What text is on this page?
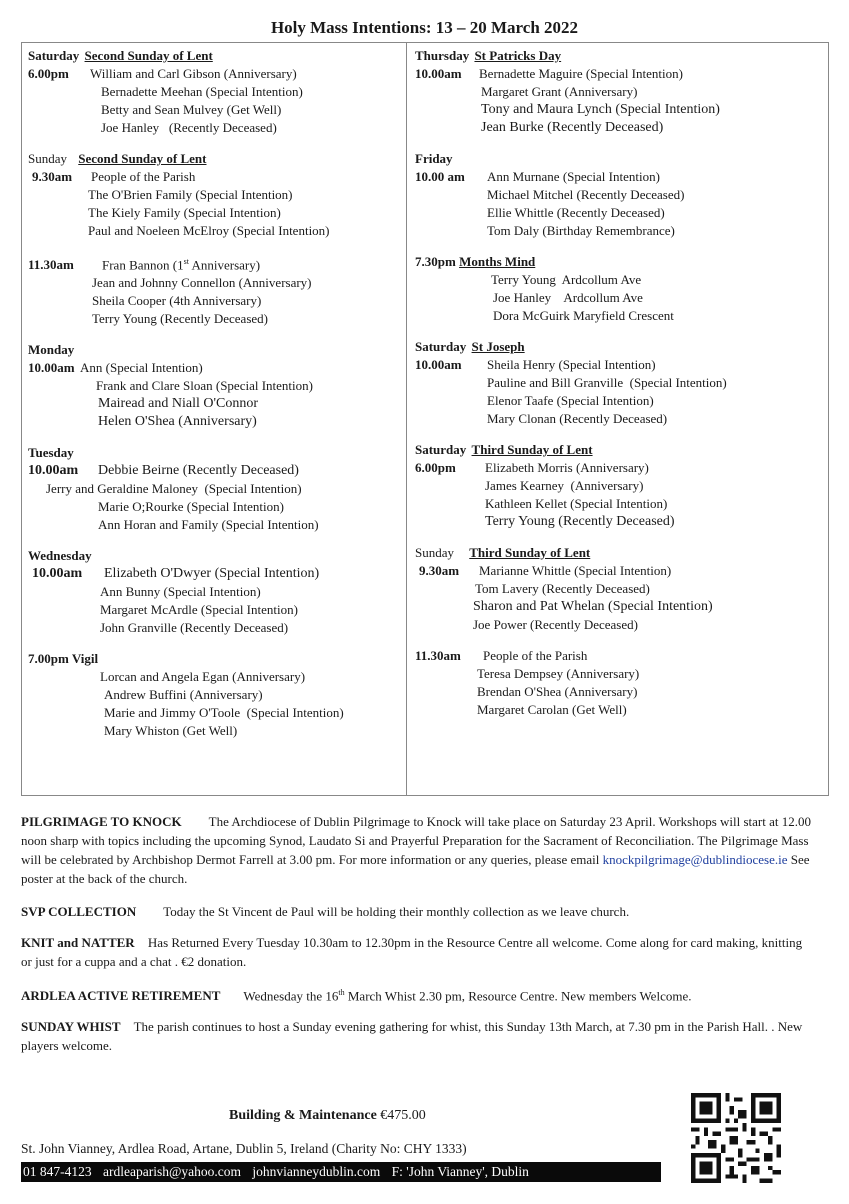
Holy Mass Intentions: 13 – 20 March 2022
Saturday Second Sunday of Lent
6.00pm William and Carl Gibson (Anniversary)
Bernadette Meehan (Special Intention)
Betty and Sean Mulvey (Get Well)
Joe Hanley   (Recently Deceased)
Sunday Second Sunday of Lent
9.30am People of the Parish
The O'Brien Family (Special Intention)
The Kiely Family (Special Intention)
Paul and Noeleen McElroy (Special Intention)
11.30am Fran Bannon (1st Anniversary)
Jean and Johnny Connellon (Anniversary)
Sheila Cooper (4th Anniversary)
Terry Young (Recently Deceased)
Monday
10.00am Ann (Special Intention)
Frank and Clare Sloan (Special Intention)
Mairead and Niall O'Connor
Helen O'Shea (Anniversary)
Tuesday
10.00am Debbie Beirne (Recently Deceased)
Jerry and Geraldine Maloney  (Special Intention)
Marie O;Rourke (Special Intention)
Ann Horan and Family (Special Intention)
Wednesday
10.00am Elizabeth O'Dwyer (Special Intention)
Ann Bunny (Special Intention)
Margaret McArdle (Special Intention)
John Granville (Recently Deceased)
7.00pm Vigil
Lorcan and Angela Egan (Anniversary)
Andrew Buffini (Anniversary)
Marie and Jimmy O'Toole  (Special Intention)
Mary Whiston (Get Well)
Thursday St Patricks Day
10.00am Bernadette Maguire (Special Intention)
Margaret Grant (Anniversary)
Tony and Maura Lynch (Special Intention)
Jean Burke (Recently Deceased)
Friday
10.00 am Ann Murnane (Special Intention)
Michael Mitchel (Recently Deceased)
Ellie Whittle (Recently Deceased)
Tom Daly (Birthday Remembrance)
7.30pm Months Mind
Terry Young  Ardcollum Ave
Joe Hanley    Ardcollum Ave
Dora McGuirk Maryfield Crescent
Saturday St Joseph
10.00am Sheila Henry (Special Intention)
Pauline and Bill Granville  (Special Intention)
Elenor Taafe (Special Intention)
Mary Clonan (Recently Deceased)
Saturday Third Sunday of Lent
6.00pm Elizabeth Morris (Anniversary)
James Kearney  (Anniversary)
Kathleen Kellet (Special Intention)
Terry Young (Recently Deceased)
Sunday Third Sunday of Lent
9.30am Marianne Whittle (Special Intention)
Tom Lavery (Recently Deceased)
Sharon and Pat Whelan (Special Intention)
Joe Power (Recently Deceased)
11.30am People of the Parish
Teresa Dempsey (Anniversary)
Brendan O'Shea (Anniversary)
Margaret Carolan (Get Well)

PILGRIMAGE TO KNOCK The Archdiocese of Dublin Pilgrimage to Knock will take place on Saturday 23 April. Workshops will start at 12.00 noon sharp with topics including the upcoming Synod, Laudato Si and Prayerful Preparation for the Sacrament of Reconciliation. The Pilgrimage Mass will be celebrated by Archbishop Dermot Farrell at 3.00 pm. For more information or any queries, please email knockpilgrimage@dublindiocese.ie See poster at the back of the church.

SVP COLLECTION Today the St Vincent de Paul will be holding their monthly collection as we leave church.

KNIT and NATTER Has Returned Every Tuesday 10.30am to 12.30pm in the Resource Centre all welcome. Come along for card making, knitting or just for a cuppa and a chat . €2 donation.

ARDLEA ACTIVE RETIREMENT Wednesday the 16th March Whist 2.30 pm, Resource Centre. New members Welcome.

SUNDAY WHIST The parish continues to host a Sunday evening gathering for whist, this Sunday 13th March, at 7.30 pm in the Parish Hall. . New players welcome.

Building & Maintenance €475.00
St. John Vianney, Ardlea Road, Artane, Dublin 5, Ireland (Charity No: CHY 1333)
01 847-4123 ardleaparish@yahoo.com johnvianneydublin.com F: 'John Vianney', Dublin
